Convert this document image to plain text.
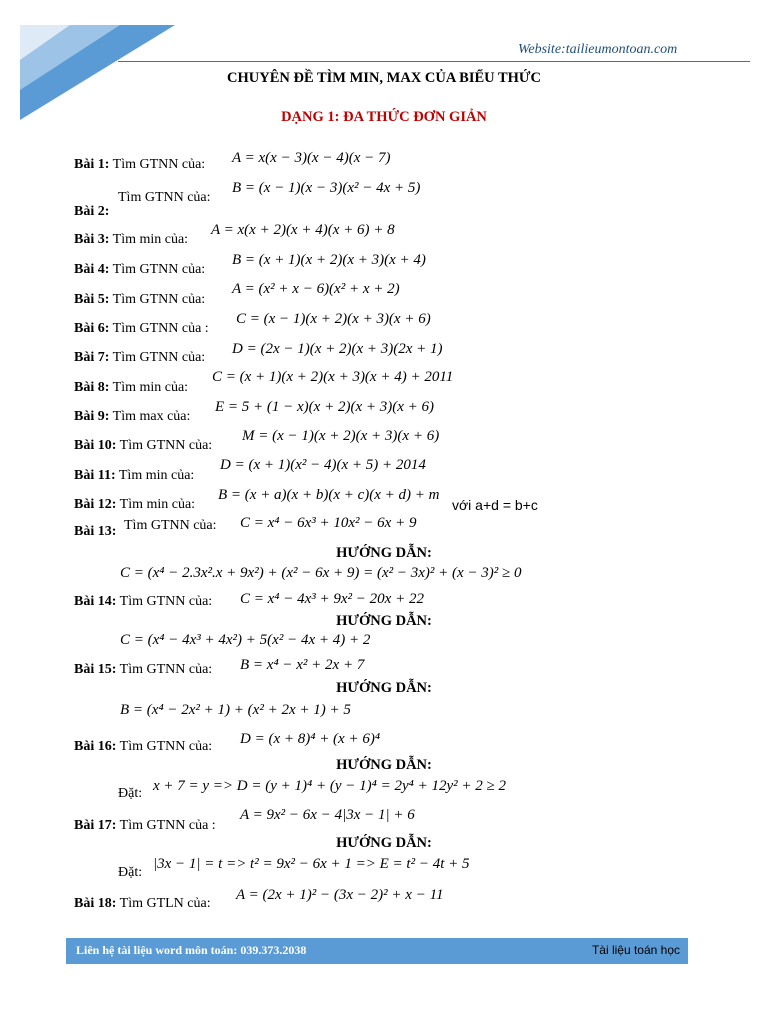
Website:tailieumontoan.com
CHUYÊN ĐỀ TÌM MIN, MAX CỦA BIỂU THỨC
DẠNG 1: ĐA THỨC ĐƠN GIẢN
Bài 1: Tìm GTNN của: A = x(x − 3)(x − 4)(x − 7)
Tìm GTNN của:
B = (x − 1)(x − 3)(x² − 4x + 5)
Bài 2:
Bài 3: Tìm min của:
A = x(x + 2)(x + 4)(x + 6) + 8
Bài 4: Tìm GTNN của:
B = (x + 1)(x + 2)(x + 3)(x + 4)
Bài 5: Tìm GTNN của:
A = (x² + x − 6)(x² + x + 2)
Bài 6: Tìm GTNN của :
C = (x − 1)(x + 2)(x + 3)(x + 6)
Bài 7: Tìm GTNN của:
D = (2x − 1)(x + 2)(x + 3)(2x + 1)
Bài 8: Tìm min của:
C = (x + 1)(x + 2)(x + 3)(x + 4) + 2011
Bài 9: Tìm max của:
E = 5 + (1 − x)(x + 2)(x + 3)(x + 6)
Bài 10: Tìm GTNN của:
M = (x − 1)(x + 2)(x + 3)(x + 6)
Bài 11: Tìm min của:
D = (x + 1)(x² − 4)(x + 5) + 2014
Bài 12: Tìm min của:
B = (x + a)(x + b)(x + c)(x + d) + m
với a+d = b+c
Bài 13: Tìm GTNN của: C = x⁴ − 6x³ + 10x² − 6x + 9
HƯỚNG DẪN:
C = (x⁴ − 2.3x².x + 9x²) + (x² − 6x + 9) = (x² − 3x)² + (x − 3)² ≥ 0
Bài 14: Tìm GTNN của: C = x⁴ − 4x³ + 9x² − 20x + 22
HƯỚNG DẪN:
C = (x⁴ − 4x³ + 4x²) + 5(x² − 4x + 4) + 2
Bài 15: Tìm GTNN của: B = x⁴ − x² + 2x + 7
HƯỚNG DẪN:
B = (x⁴ − 2x² + 1) + (x² + 2x + 1) + 5
Bài 16: Tìm GTNN của: D = (x + 8)⁴ + (x + 6)⁴
HƯỚNG DẪN:
Đặt: x + 7 = y => D = (y + 1)⁴ + (y − 1)⁴ = 2y⁴ + 12y² + 2 ≥ 2
Bài 17: Tìm GTNN của :
A = 9x² − 6x − 4|3x − 1| + 6
HƯỚNG DẪN:
Đặt:
|3x − 1| = t => t² = 9x² − 6x + 1 => E = t² − 4t + 5
Bài 18: Tìm GTLN của:
A = (2x + 1)² − (3x − 2)² + x − 11
Liên hệ tài liệu word môn toán: 039.373.2038	Tài liệu toán học
